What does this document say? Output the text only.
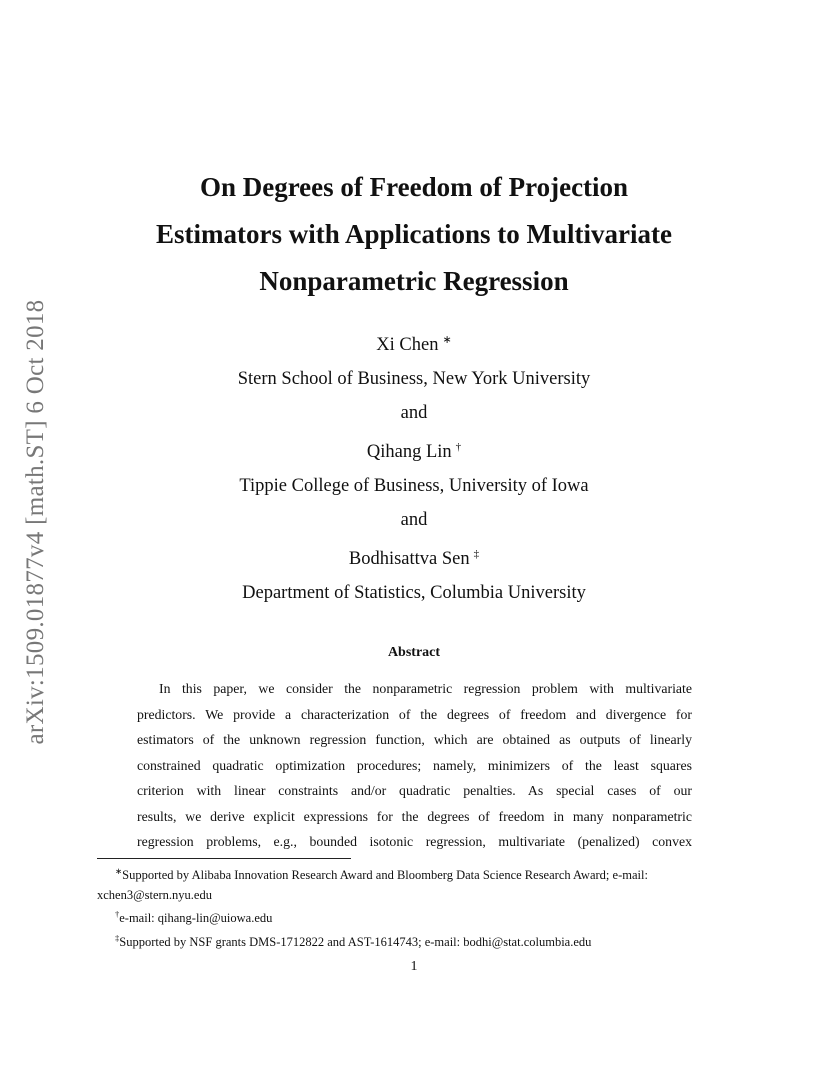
arXiv:1509.01877v4 [math.ST] 6 Oct 2018
On Degrees of Freedom of Projection
Estimators with Applications to Multivariate
Nonparametric Regression
Xi Chen ∗
Stern School of Business, New York University
and
Qihang Lin †
Tippie College of Business, University of Iowa
and
Bodhisattva Sen ‡
Department of Statistics, Columbia University
Abstract
In this paper, we consider the nonparametric regression problem with multivariate
predictors. We provide a characterization of the degrees of freedom and divergence for
estimators of the unknown regression function, which are obtained as outputs of linearly
constrained quadratic optimization procedures; namely, minimizers of the least squares
criterion with linear constraints and/or quadratic penalties. As special cases of our
results, we derive explicit expressions for the degrees of freedom in many nonparametric
regression problems, e.g., bounded isotonic regression, multivariate (penalized) convex
∗Supported by Alibaba Innovation Research Award and Bloomberg Data Science Research Award; e-mail:
xchen3@stern.nyu.edu
†e-mail: qihang-lin@uiowa.edu
‡Supported by NSF grants DMS-1712822 and AST-1614743; e-mail: bodhi@stat.columbia.edu
1
